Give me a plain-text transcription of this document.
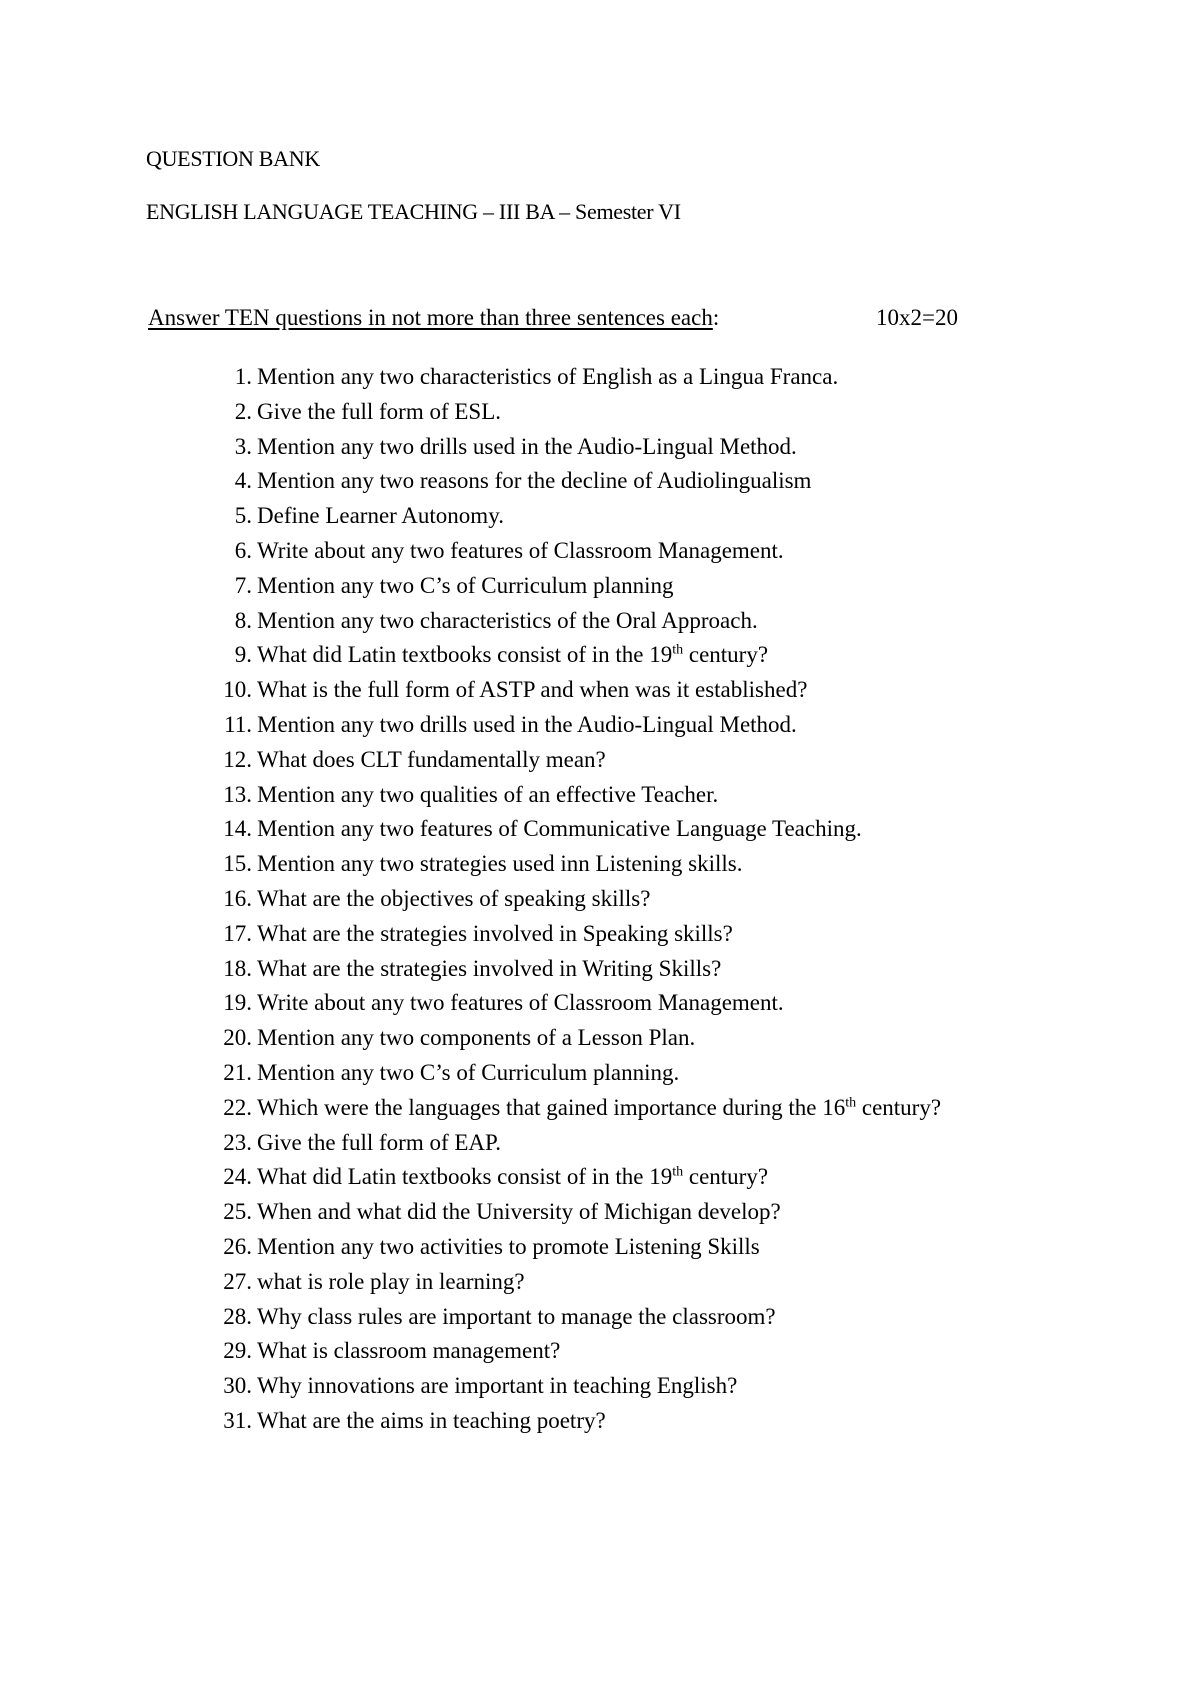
QUESTION BANK
ENGLISH LANGUAGE TEACHING – III BA – Semester VI
Answer TEN questions in not more than three sentences each:	10x2=20
1. Mention any two characteristics of English as a Lingua Franca.
2. Give the full form of ESL.
3. Mention any two drills used in the Audio-Lingual Method.
4. Mention any two reasons for the decline of Audiolingualism
5. Define Learner Autonomy.
6. Write about any two features of Classroom Management.
7. Mention any two C’s of Curriculum planning
8. Mention any two characteristics of the Oral Approach.
9. What did Latin textbooks consist of in the 19th century?
10. What is the full form of ASTP and when was it established?
11. Mention any two drills used in the Audio-Lingual Method.
12. What does CLT fundamentally mean?
13. Mention any two qualities of an effective Teacher.
14. Mention any two features of Communicative Language Teaching.
15. Mention any two strategies used inn Listening skills.
16. What are the objectives of speaking skills?
17. What are the strategies involved in Speaking skills?
18. What are the strategies involved in Writing Skills?
19. Write about any two features of Classroom Management.
20. Mention any two components of a Lesson Plan.
21. Mention any two C’s of Curriculum planning.
22. Which were the languages that gained importance during the 16th century?
23. Give the full form of EAP.
24. What did Latin textbooks consist of in the 19th century?
25. When and what did the University of Michigan develop?
26. Mention any two activities to promote Listening Skills
27. what is role play in learning?
28. Why class rules are important to manage the classroom?
29. What is classroom management?
30. Why innovations are important in teaching English?
31. What are the aims in teaching poetry?
